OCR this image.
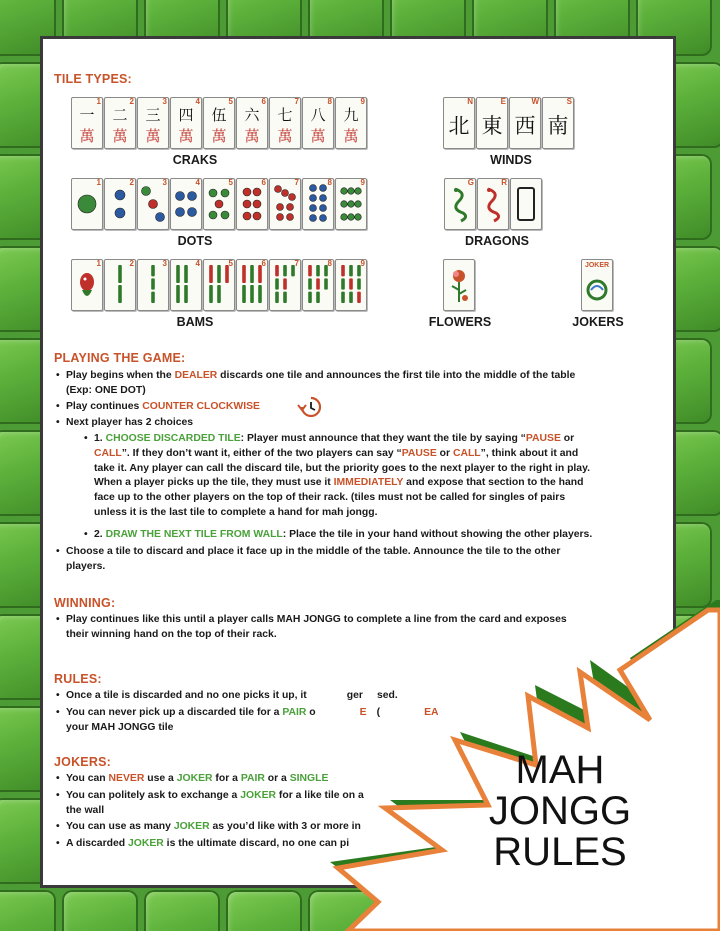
TILE TYPES:
1
一
萬
2
二
萬
3
三
萬
4
四
萬
5
伍
萬
6
六
萬
7
七
萬
8
八
萬
9
九
萬
CRAKS
N
北
E
東
W
西
S
南
WINDS
1	2	3	4	5	6	7	8	9
DOTS
G	R
DRAGONS
1	2	3	4	5	6	7	8	9
BAMS	FLOWERS
JOKER
JOKERS
PLAYING THE GAME:
• Play begins when the DEALER discards one tile and announces the first tile into the middle of the table
(Exp: ONE DOT)
• Play continues COUNTER CLOCKWISE
• Next player has 2 choices
• 1. CHOOSE DISCARDED TILE: Player must announce that they want the tile by saying “PAUSE or
CALL”. If they don’t want it, either of the two players can say “PAUSE or CALL”, think about it and
take it. Any player can call the discard tile, but the priority goes to the next player to the right in play.
When a player picks up the tile, they must use it IMMEDIATELY and expose that section to the hand
face up to the other players on the top of their rack. (tiles must not be called for singles of pairs
unless it is the last tile to complete a hand for mah jongg.
• 2. DRAW THE NEXT TILE FROM WALL: Place the tile in your hand without showing the other players.
• Choose a tile to discard and place it face up in the middle of the table. Announce the tile to the other
players.
WINNING:
• Play continues like this until a player calls MAH JONGG to complete a line from the card and exposes
their winning hand on the top of their rack.
RULES:
• Once a tile is discarded and no one picks it up, it	ger sed.
• You can never pick up a discarded tile for a PAIR o	E (	EA
your MAH JONGG tile
JOKERS:
• You can NEVER use a JOKER for a PAIR or a SINGLE
• You can politely ask to exchange a JOKER for a like tile on a
the wall
• You can use as many JOKER as you’d like with 3 or more in
• A discarded JOKER is the ultimate discard, no one can pi
MAH
JONGG
RULES
